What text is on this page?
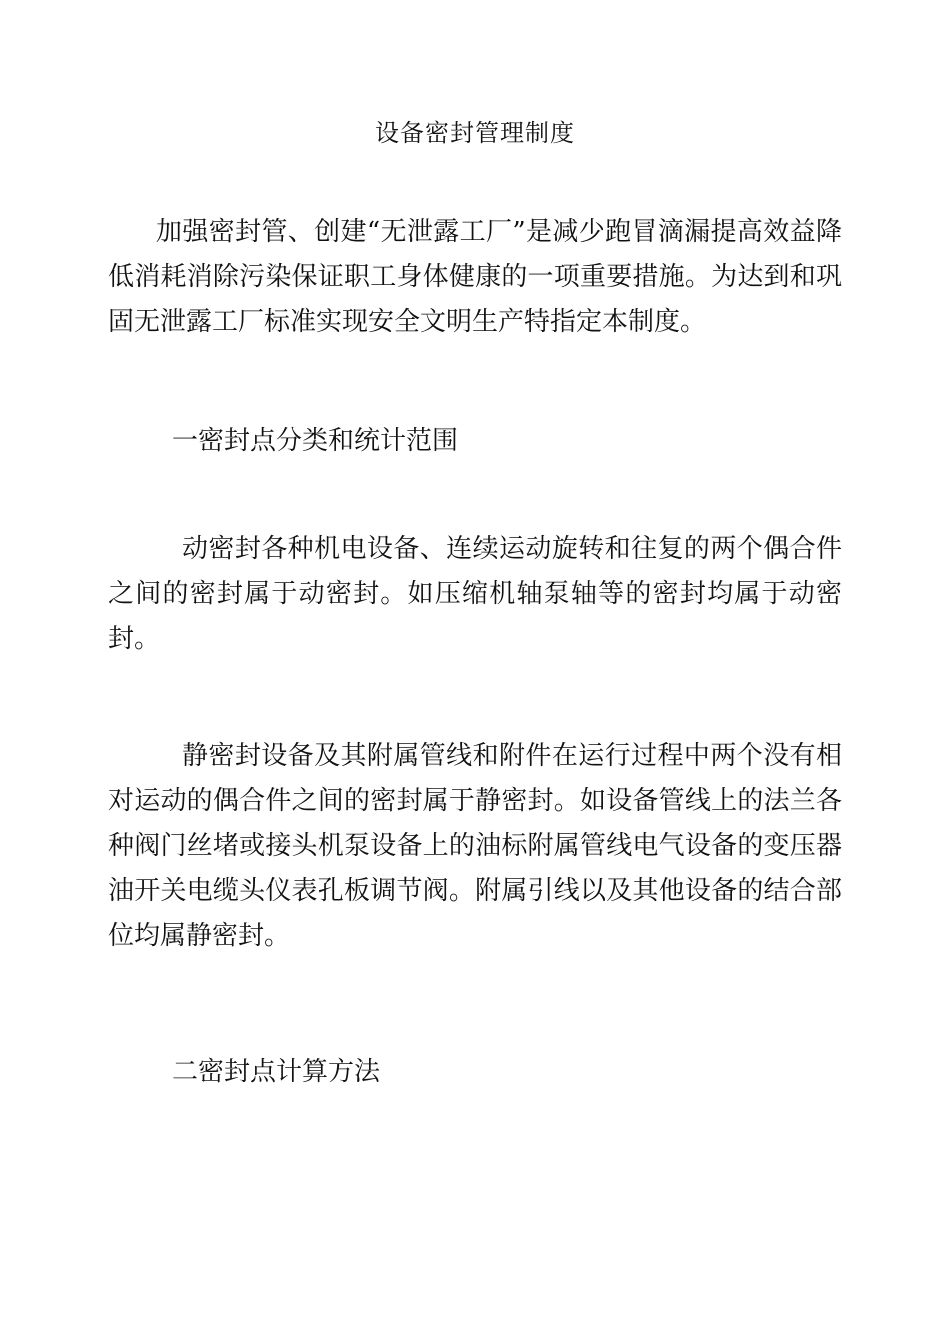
设备密封管理制度

加强密封管、创建“无泄露工厂”是减少跑冒滴漏提高效益降低消耗消除污染保证职工身体健康的一项重要措施。为达到和巩固无泄露工厂标准实现安全文明生产特指定本制度。

一密封点分类和统计范围

动密封各种机电设备、连续运动旋转和往复的两个偶合件之间的密封属于动密封。如压缩机轴泵轴等的密封均属于动密封。

静密封设备及其附属管线和附件在运行过程中两个没有相对运动的偶合件之间的密封属于静密封。如设备管线上的法兰各种阀门丝堵或接头机泵设备上的油标附属管线电气设备的变压器油开关电缆头仪表孔板调节阀。附属引线以及其他设备的结合部位均属静密封。

二密封点计算方法
